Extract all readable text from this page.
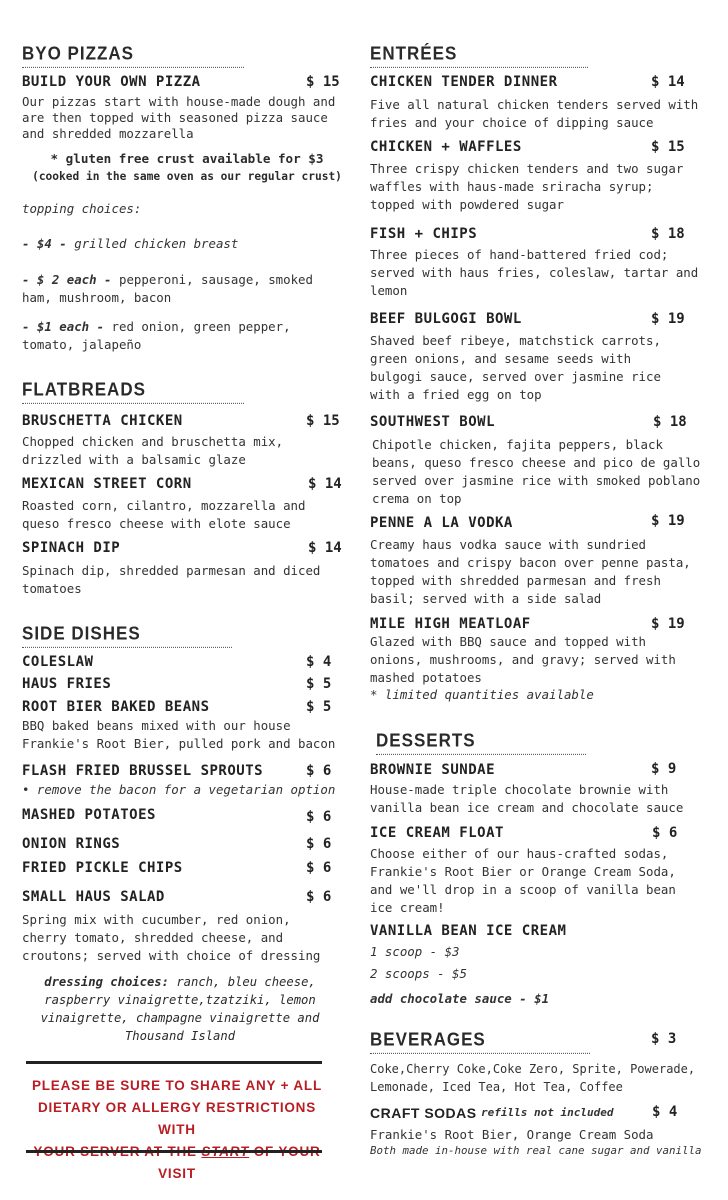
BYO PIZZAS
BUILD YOUR OWN PIZZA	$ 15
Our pizzas start with house-made dough and are then topped with seasoned pizza sauce and shredded mozzarella
* gluten free crust available for $3
(cooked in the same oven as our regular crust)
topping choices:
- $4 - grilled chicken breast
- $ 2 each - pepperoni, sausage, smoked ham, mushroom, bacon
- $1 each - red onion, green pepper, tomato, jalapeño
FLATBREADS
BRUSCHETTA CHICKEN	$ 15
Chopped chicken and bruschetta mix, drizzled with a balsamic glaze
MEXICAN STREET CORN	$ 14
Roasted corn, cilantro, mozzarella and queso fresco cheese with elote sauce
SPINACH DIP	$ 14
Spinach dip, shredded parmesan and diced tomatoes
SIDE DISHES
COLESLAW	$ 4
HAUS FRIES	$ 5
ROOT BIER BAKED BEANS	$ 5
BBQ baked beans mixed with our house Frankie's Root Bier, pulled pork and bacon
FLASH FRIED BRUSSEL SPROUTS	$ 6
• remove the bacon for a vegetarian option
MASHED POTATOES	$ 6
ONION RINGS	$ 6
FRIED PICKLE CHIPS	$ 6
SMALL HAUS SALAD	$ 6
Spring mix with cucumber, red onion, cherry tomato, shredded cheese, and croutons; served with choice of dressing
dressing choices: ranch, bleu cheese, raspberry vinaigrette,tzatziki, lemon vinaigrette, champagne vinaigrette and Thousand Island
PLEASE BE SURE TO SHARE ANY + ALL
DIETARY OR ALLERGY RESTRICTIONS WITH
VISIT
ENTRÉES
CHICKEN TENDER DINNER	$ 14
Five all natural chicken tenders served with fries and your choice of dipping sauce
CHICKEN + WAFFLES	$ 15
Three crispy chicken tenders and two sugar waffles with haus-made sriracha syrup; topped with powdered sugar
FISH + CHIPS	$ 18
Three pieces of hand-battered fried cod; served with haus fries, coleslaw, tartar and lemon
BEEF BULGOGI BOWL	$ 19
Shaved beef ribeye, matchstick carrots, green onions, and sesame seeds with bulgogi sauce, served over jasmine rice with a fried egg on top
SOUTHWEST BOWL	$ 18
Chipotle chicken, fajita peppers, black beans, queso fresco cheese and pico de gallo served over jasmine rice with smoked poblano crema on top
PENNE A LA VODKA	$ 19
Creamy haus vodka sauce with sundried tomatoes and crispy bacon over penne pasta, topped with shredded parmesan and fresh basil; served with a side salad
MILE HIGH MEATLOAF	$ 19
Glazed with BBQ sauce and topped with onions, mushrooms, and gravy; served with mashed potatoes
* limited quantities available
DESSERTS
BROWNIE SUNDAE	$ 9
House-made triple chocolate brownie with vanilla bean ice cream and chocolate sauce
ICE CREAM FLOAT	$ 6
Choose either of our haus-crafted sodas, Frankie's Root Bier or Orange Cream Soda, and we'll drop in a scoop of vanilla bean ice cream!
VANILLA BEAN ICE CREAM
1 scoop - $3
2 scoops - $5
add chocolate sauce - $1
BEVERAGES	$ 3
Coke,Cherry Coke,Coke Zero, Sprite, Powerade, Lemonade, Iced Tea, Hot Tea, Coffee
CRAFT SODAS refills not included	$ 4
Frankie's Root Bier, Orange Cream Soda
Both made in-house with real cane sugar and vanilla
